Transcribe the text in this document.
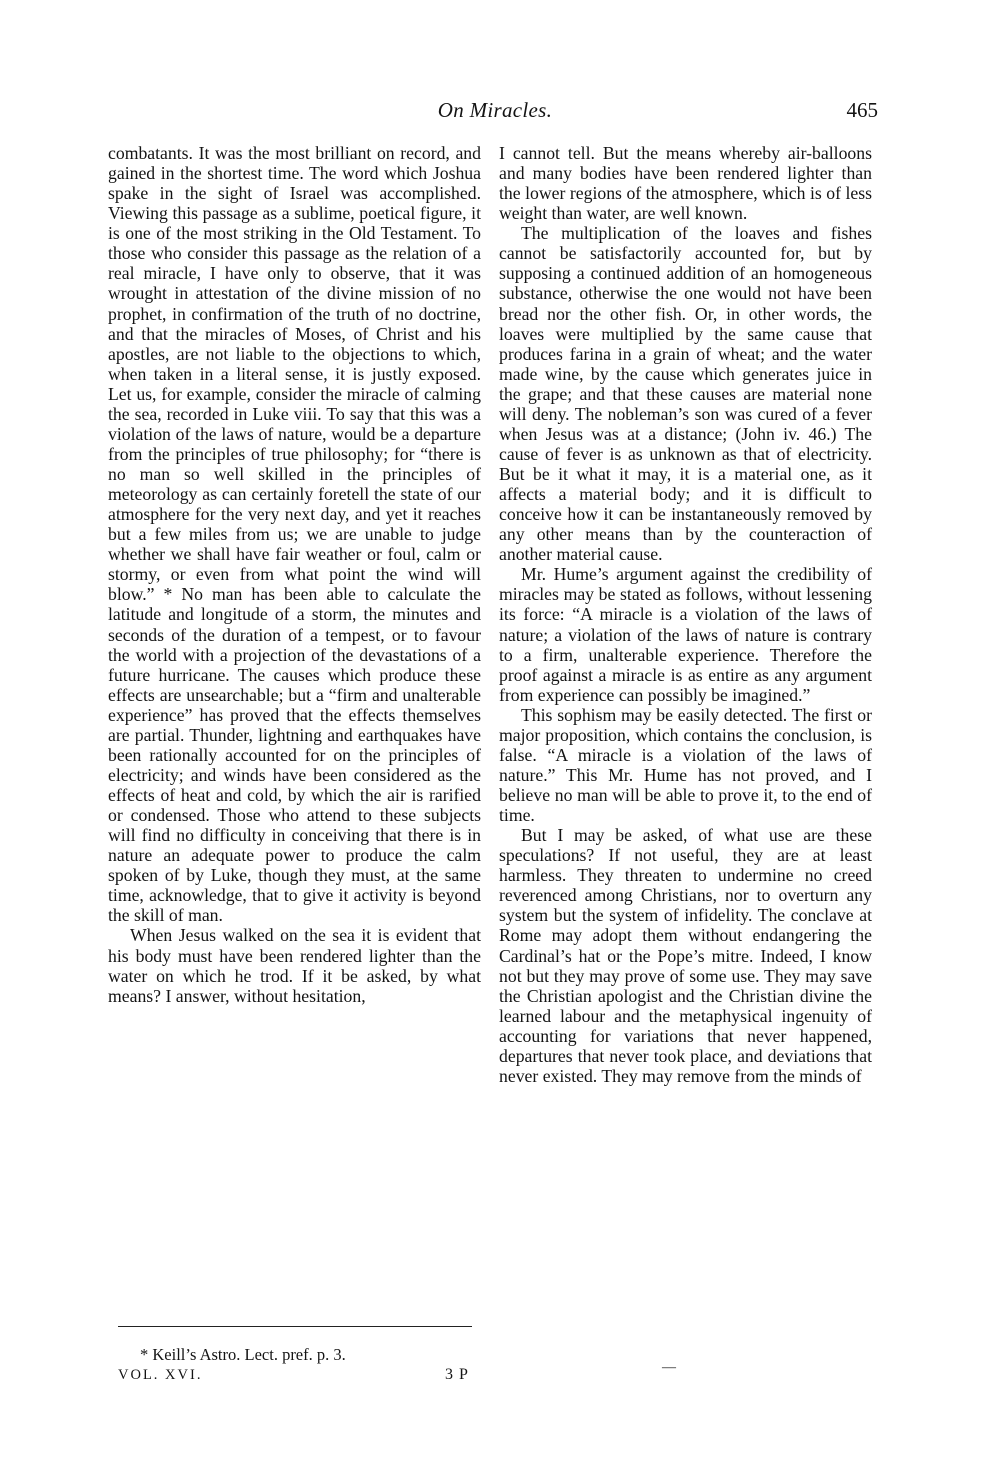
On Miracles.	465

combatants. It was the most brilliant on record, and gained in the shortest time. The word which Joshua spake in the sight of Israel was accomplished. Viewing this passage as a sublime, poetical figure, it is one of the most striking in the Old Testament. To those who consider this passage as the relation of a real miracle, I have only to observe, that it was wrought in attestation of the divine mission of no prophet, in confirmation of the truth of no doctrine, and that the miracles of Moses, of Christ and his apostles, are not liable to the objections to which, when taken in a literal sense, it is justly exposed. Let us, for example, consider the miracle of calming the sea, recorded in Luke viii. To say that this was a violation of the laws of nature, would be a departure from the principles of true philosophy; for “there is no man so well skilled in the principles of meteorology as can certainly foretell the state of our atmosphere for the very next day, and yet it reaches but a few miles from us; we are unable to judge whether we shall have fair weather or foul, calm or stormy, or even from what point the wind will blow.” * No man has been able to calculate the latitude and longitude of a storm, the minutes and seconds of the duration of a tempest, or to favour the world with a projection of the devastations of a future hurricane. The causes which produce these effects are unsearchable; but a “firm and unalterable experience” has proved that the effects themselves are partial. Thunder, lightning and earthquakes have been rationally accounted for on the principles of electricity; and winds have been considered as the effects of heat and cold, by which the air is rarified or condensed. Those who attend to these subjects will find no difficulty in conceiving that there is in nature an adequate power to produce the calm spoken of by Luke, though they must, at the same time, acknowledge, that to give it activity is beyond the skill of man.

When Jesus walked on the sea it is evident that his body must have been rendered lighter than the water on which he trod. If it be asked, by what means? I answer, without hesitation,

I cannot tell. But the means whereby air-balloons and many bodies have been rendered lighter than the lower regions of the atmosphere, which is of less weight than water, are well known.

The multiplication of the loaves and fishes cannot be satisfactorily accounted for, but by supposing a continued addition of an homogeneous substance, otherwise the one would not have been bread nor the other fish. Or, in other words, the loaves were multiplied by the same cause that produces farina in a grain of wheat; and the water made wine, by the cause which generates juice in the grape; and that these causes are material none will deny. The nobleman’s son was cured of a fever when Jesus was at a distance; (John iv. 46.) The cause of fever is as unknown as that of electricity. But be it what it may, it is a material one, as it affects a material body; and it is difficult to conceive how it can be instantaneously removed by any other means than by the counteraction of another material cause.

Mr. Hume’s argument against the credibility of miracles may be stated as follows, without lessening its force: “A miracle is a violation of the laws of nature; a violation of the laws of nature is contrary to a firm, unalterable experience. Therefore the proof against a miracle is as entire as any argument from experience can possibly be imagined.”

This sophism may be easily detected. The first or major proposition, which contains the conclusion, is false. “A miracle is a violation of the laws of nature.” This Mr. Hume has not proved, and I believe no man will be able to prove it, to the end of time.

But I may be asked, of what use are these speculations? If not useful, they are at least harmless. They threaten to undermine no creed reverenced among Christians, nor to overturn any system but the system of infidelity. The conclave at Rome may adopt them without endangering the Cardinal’s hat or the Pope’s mitre. Indeed, I know not but they may prove of some use. They may save the Christian apologist and the Christian divine the learned labour and the metaphysical ingenuity of accounting for variations that never happened, departures that never took place, and deviations that never existed. They may remove from the minds of

* Keill’s Astro. Lect. pref. p. 3.
VOL. XVI.	3 P	—
